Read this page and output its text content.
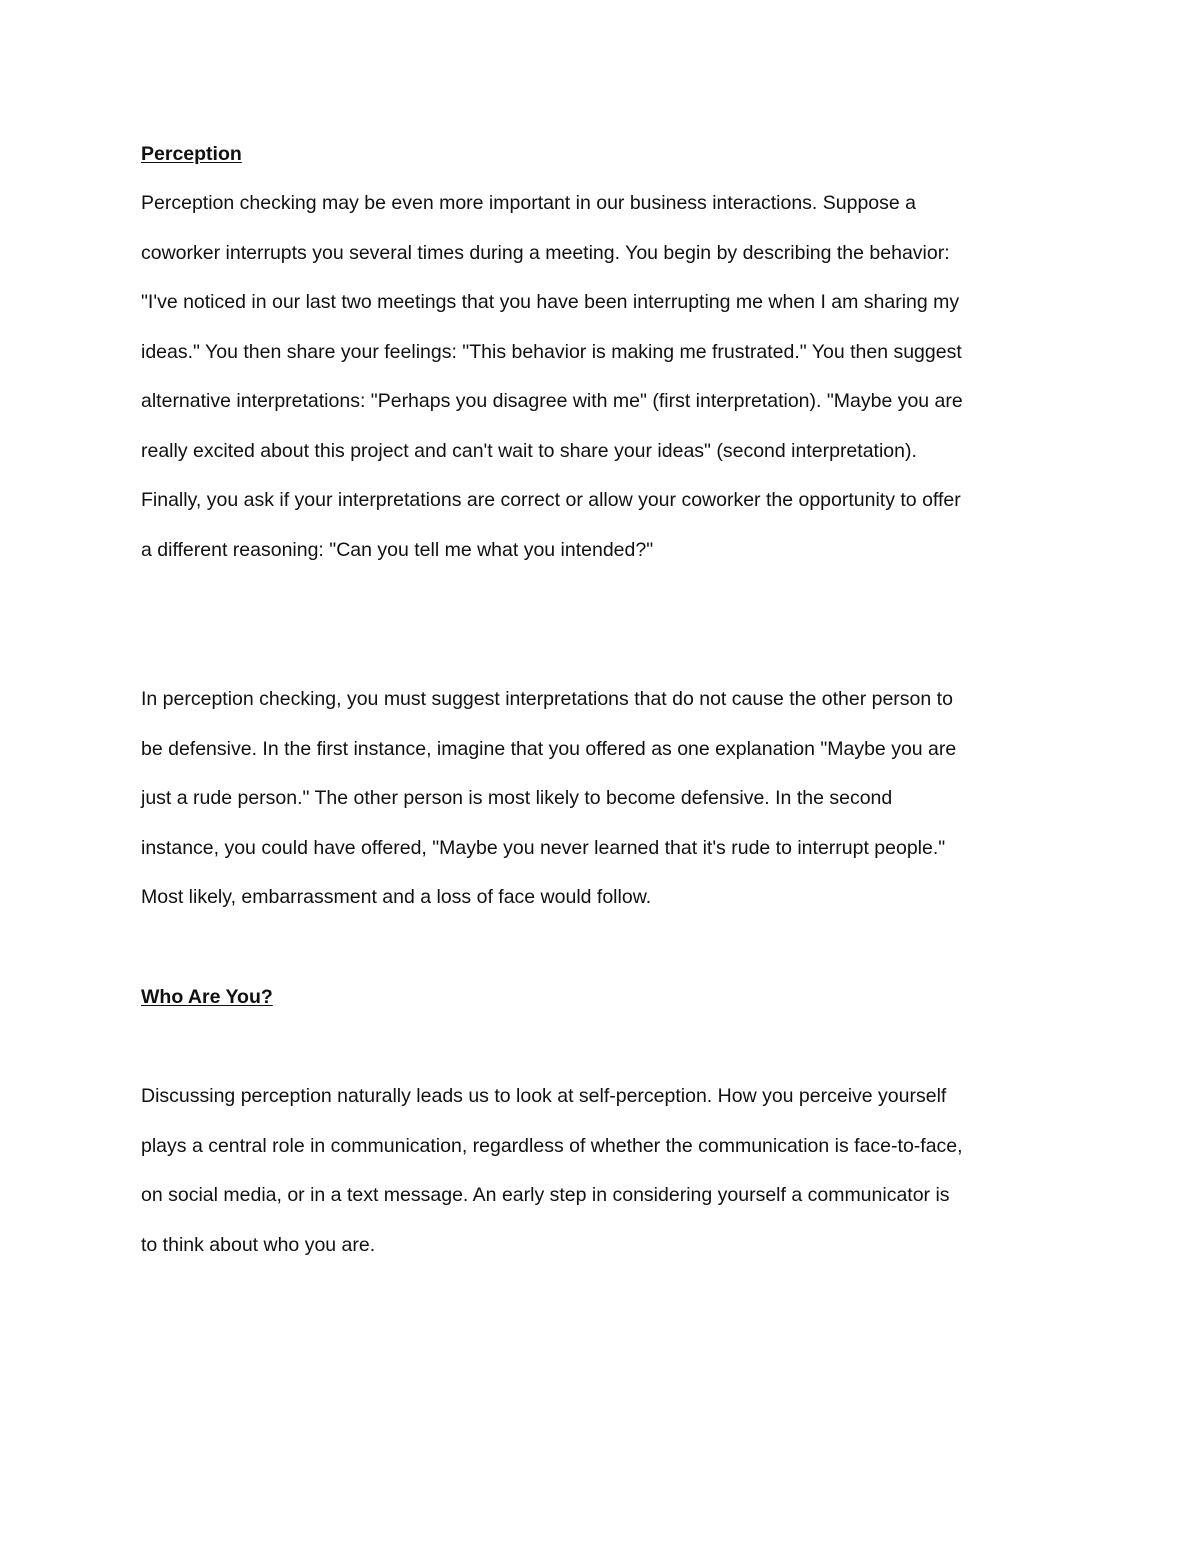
Perception
Perception checking may be even more important in our business interactions. Suppose a
coworker interrupts you several times during a meeting. You begin by describing the behavior:
"I've noticed in our last two meetings that you have been interrupting me when I am sharing my
ideas." You then share your feelings: "This behavior is making me frustrated." You then suggest
alternative interpretations: "Perhaps you disagree with me" (first interpretation). "Maybe you are
really excited about this project and can't wait to share your ideas" (second interpretation).
Finally, you ask if your interpretations are correct or allow your coworker the opportunity to offer
a different reasoning: "Can you tell me what you intended?"
In perception checking, you must suggest interpretations that do not cause the other person to
be defensive. In the first instance, imagine that you offered as one explanation "Maybe you are
just a rude person." The other person is most likely to become defensive. In the second
instance, you could have offered, "Maybe you never learned that it's rude to interrupt people."
Most likely, embarrassment and a loss of face would follow.
Who Are You?
Discussing perception naturally leads us to look at self-perception. How you perceive yourself
plays a central role in communication, regardless of whether the communication is face-to-face,
on social media, or in a text message. An early step in considering yourself a communicator is
to think about who you are.
